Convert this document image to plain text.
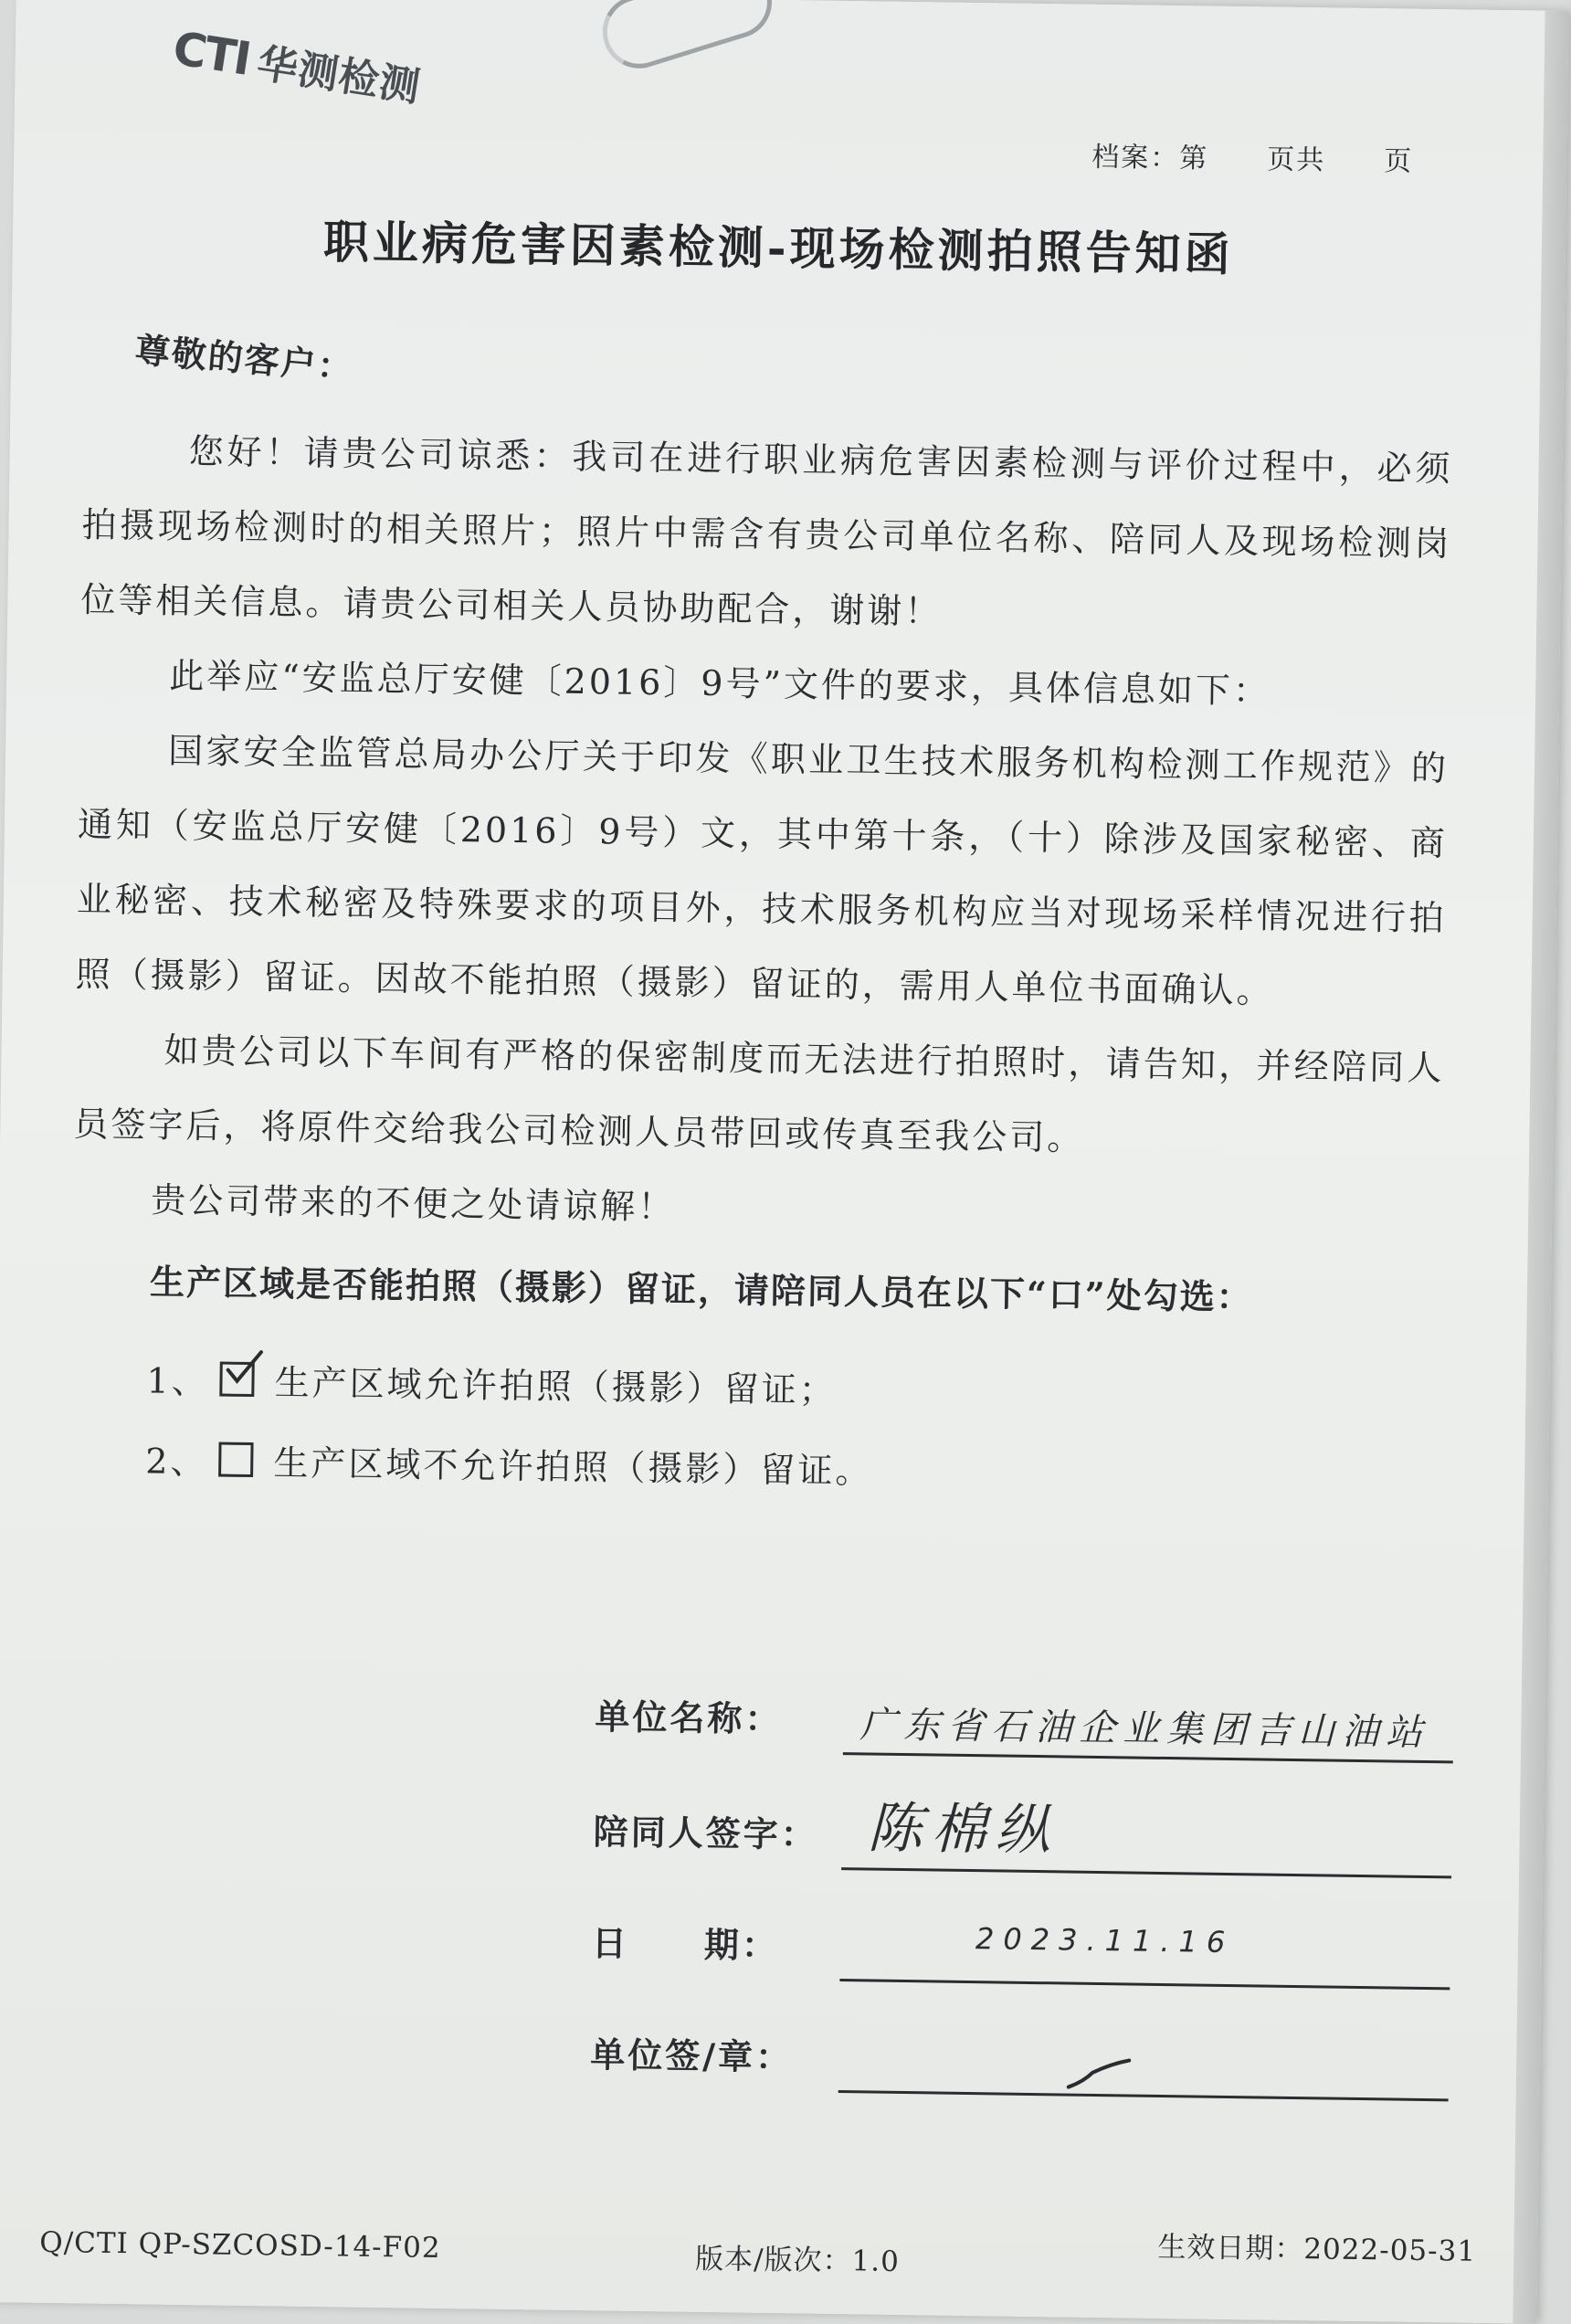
CTI华测检测
档案：第　　页共　　页
职业病危害因素检测-现场检测拍照告知函
尊敬的客户：

您好！请贵公司谅悉：我司在进行职业病危害因素检测与评价过程中，必须拍摄现场检测时的相关照片；照片中需含有贵公司单位名称、陪同人及现场检测岗位等相关信息。请贵公司相关人员协助配合，谢谢！

此举应“安监总厅安健〔2016〕9号”文件的要求，具体信息如下：

国家安全监管总局办公厅关于印发《职业卫生技术服务机构检测工作规范》的通知（安监总厅安健〔2016〕9号）文，其中第十条，（十）除涉及国家秘密、商业秘密、技术秘密及特殊要求的项目外，技术服务机构应当对现场采样情况进行拍照（摄影）留证。因故不能拍照（摄影）留证的，需用人单位书面确认。

如贵公司以下车间有严格的保密制度而无法进行拍照时，请告知，并经陪同人员签字后，将原件交给我公司检测人员带回或传真至我公司。

贵公司带来的不便之处请谅解！

生产区域是否能拍照（摄影）留证，请陪同人员在以下“口”处勾选：

1、 生产区域允许拍照（摄影）留证；
2、 生产区域不允许拍照（摄影）留证。
单位名称： 广东省石油企业集团吉山油站
陪同人签字： 陈棉纵
日　　期：	2023.11.16
单位签/章：
Q/CTI QP-SZCOSD-14-F02	版本/版次：1.0	生效日期：2022-05-31
